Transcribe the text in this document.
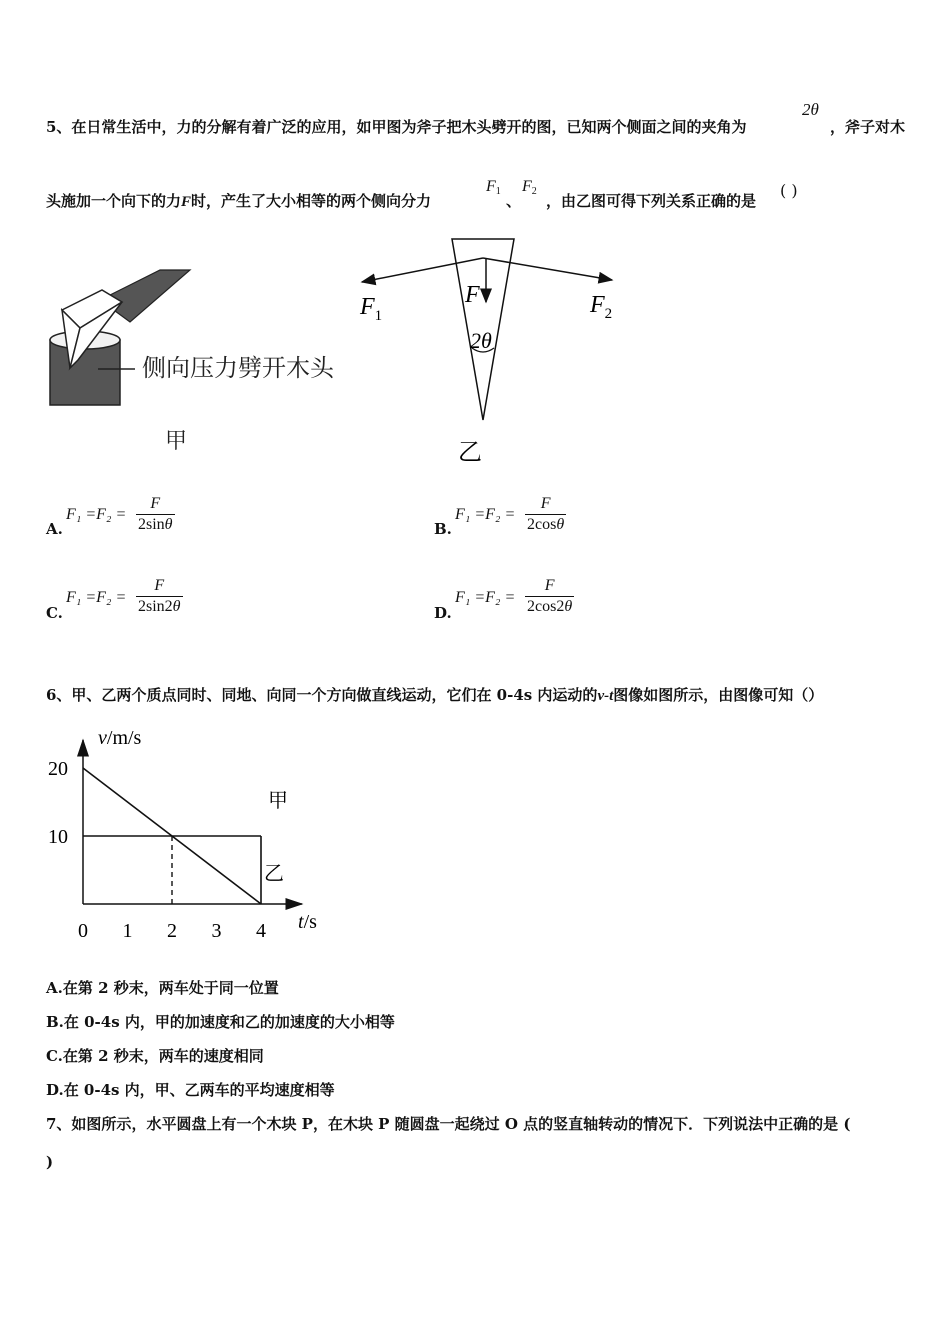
5、在日常生活中，力的分解有着广泛的应用，如甲图为斧子把木头劈开的图，已知两个侧面之间的夹角为
2θ
，斧子对木
头施加一个向下的力F时，产生了大小相等的两个侧向分力
$F_1$
、
$F_2$
，由乙图可得下列关系正确的是
( )
侧向压力劈开木头
甲
$F_1$
F	$F_2$
2θ
乙
A.
$F_1 =F_2 = \frac{F}{2\sin\theta}$	B.
$F_1 =F_2 = \frac{F}{2\cos\theta}$
C.
$F_1 =F_2 = \frac{F}{2\sin 2\theta}$	D.
$F_1 =F_2 = \frac{F}{2\cos 2\theta}$
6、甲、乙两个质点同时、同地、向同一个方向做直线运动，它们在 0-4s 内运动的v-t图像如图所示，由图像可知（）
v/m/s
t/s
0 1 2 3 4
10
20
甲
乙
A.在第 2 秒末，两车处于同一位置
B.在 0-4s 内，甲的加速度和乙的加速度的大小相等
C.在第 2 秒末，两车的速度相同
D.在 0-4s 内，甲、乙两车的平均速度相等
7、如图所示，水平圆盘上有一个木块 P，在木块 P 随圆盘一起绕过 O 点的竖直轴转动的情况下．下列说法中正确的是 (
)
